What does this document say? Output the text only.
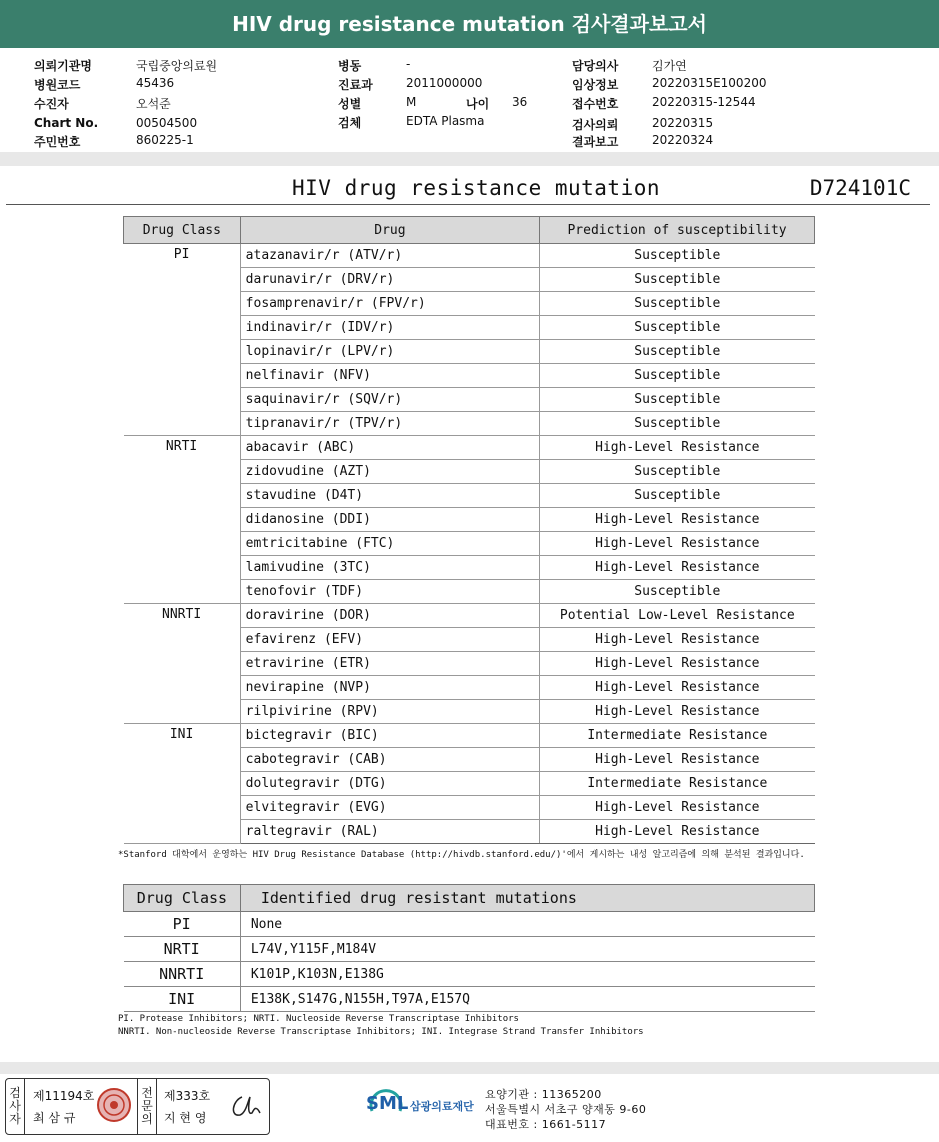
HIV drug resistance mutation 검사결과보고서
의뢰기관명	국립중앙의료원
병원코드	45436
수진자	오석준
Chart No.	00504500
주민번호	860225-1
병동	-
진료과	2011000000
성별	M	나이 36
검체	EDTA Plasma
담당의사	김가연
임상정보	20220315E100200
접수번호	20220315-12544
검사의뢰	20220315
결과보고	20220324
HIV drug resistance mutation	D724101C
Drug Class	Drug	Prediction of susceptibility
PI	atazanavir/r (ATV/r)	Susceptible
	darunavir/r (DRV/r)	Susceptible
	fosamprenavir/r (FPV/r)	Susceptible
	indinavir/r (IDV/r)	Susceptible
	lopinavir/r (LPV/r)	Susceptible
	nelfinavir (NFV)	Susceptible
	saquinavir/r (SQV/r)	Susceptible
	tipranavir/r (TPV/r)	Susceptible
NRTI	abacavir (ABC)	High-Level Resistance
	zidovudine (AZT)	Susceptible
	stavudine (D4T)	Susceptible
	didanosine (DDI)	High-Level Resistance
	emtricitabine (FTC)	High-Level Resistance
	lamivudine (3TC)	High-Level Resistance
	tenofovir (TDF)	Susceptible
NNRTI	doravirine (DOR)	Potential Low-Level Resistance
	efavirenz (EFV)	High-Level Resistance
	etravirine (ETR)	High-Level Resistance
	nevirapine (NVP)	High-Level Resistance
	rilpivirine (RPV)	High-Level Resistance
INI	bictegravir (BIC)	Intermediate Resistance
	cabotegravir (CAB)	High-Level Resistance
	dolutegravir (DTG)	Intermediate Resistance
	elvitegravir (EVG)	High-Level Resistance
	raltegravir (RAL)	High-Level Resistance
*Stanford 대학에서 운영하는 HIV Drug Resistance Database (http://hivdb.stanford.edu/)'에서 게시하는 내성 알고리즘에 의해 분석된 결과입니다.
Drug Class	Identified drug resistant mutations
PI	None
NRTI	L74V,Y115F,M184V
NNRTI	K101P,K103N,E138G
INI	E138K,S147G,N155H,T97A,E157Q
PI. Protease Inhibitors; NRTI. Nucleoside Reverse Transcriptase Inhibitors
NNRTI. Non-nucleoside Reverse Transcriptase Inhibitors; INI. Integrase Strand Transfer Inhibitors
검사자
제11194호
최 삼 규
전문의
제333호
지 현 영
SML 삼광의료재단
요양기관 : 11365200
서울특별시 서초구 양재동 9-60
대표번호 : 1661-5117
